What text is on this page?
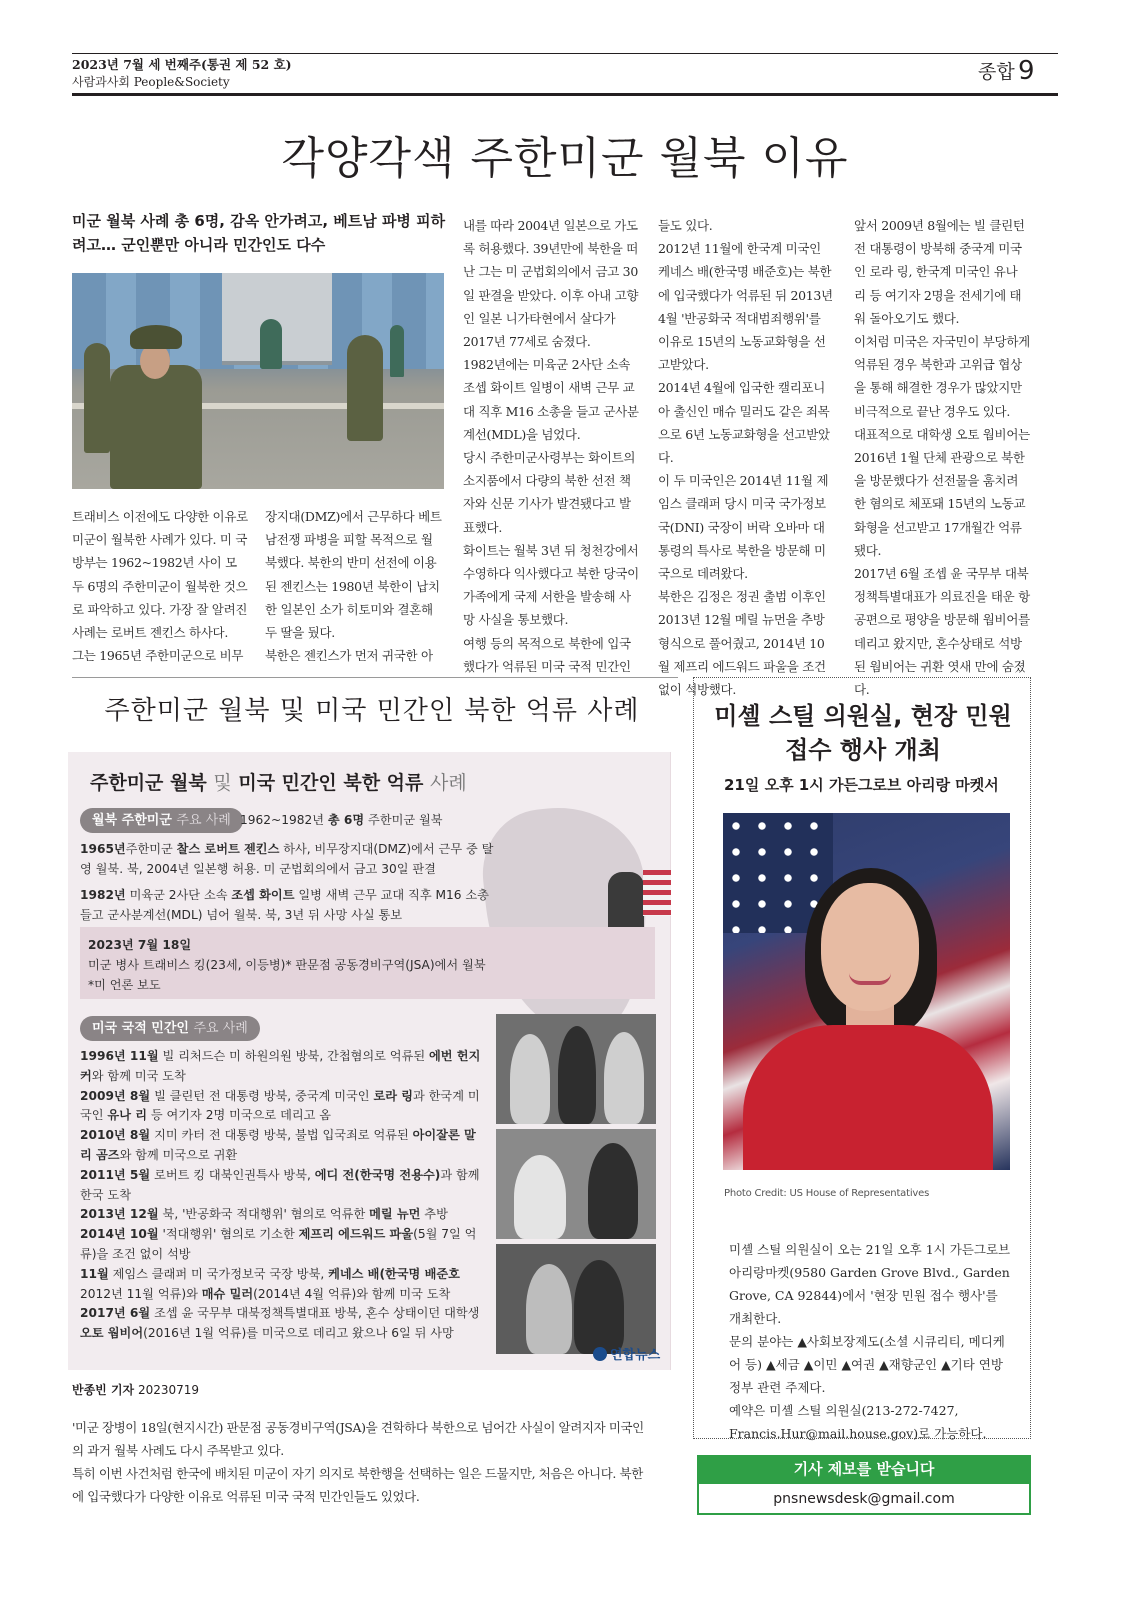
2023년 7월 세 번째주(통권 제 52 호)
사람과사회 People&Society	종합 9
각양각색 주한미군 월북 이유
미군 월북 사례 총 6명, 감옥 안가려고, 베트남 파병 피하려고… 군인뿐만 아니라 민간인도 다수
트래비스 이전에도 다양한 이유로 미군이 월북한 사례가 있다. 미 국방부는 1962~1982년 사이 모두 6명의 주한미군이 월북한 것으로 파악하고 있다. 가장 잘 알려진 사례는 로버트 젠킨스 하사다.
그는 1965년 주한미군으로 비무
장지대(DMZ)에서 근무하다 베트남전쟁 파병을 피할 목적으로 월북했다. 북한의 반미 선전에 이용된 젠킨스는 1980년 북한이 납치한 일본인 소가 히토미와 결혼해 두 딸을 뒀다.
북한은 젠킨스가 먼저 귀국한 아
내를 따라 2004년 일본으로 가도록 허용했다. 39년만에 북한을 떠난 그는 미 군법회의에서 금고 30일 판결을 받았다. 이후 아내 고향인 일본 니가타현에서 살다가 2017년 77세로 숨졌다.
1982년에는 미육군 2사단 소속 조셉 화이트 일병이 새벽 근무 교대 직후 M16 소총을 들고 군사분계선(MDL)을 넘었다.
당시 주한미군사령부는 화이트의 소지품에서 다량의 북한 선전 책자와 신문 기사가 발견됐다고 발표했다.
화이트는 월북 3년 뒤 청천강에서 수영하다 익사했다고 북한 당국이 가족에게 국제 서한을 발송해 사망 사실을 통보했다.
여행 등의 목적으로 북한에 입국했다가 억류된 미국 국적 민간인
들도 있다.
2012년 11월에 한국계 미국인 케네스 배(한국명 배준호)는 북한에 입국했다가 억류된 뒤 2013년 4월 '반공화국 적대범죄행위'를 이유로 15년의 노동교화형을 선고받았다.
2014년 4월에 입국한 캘리포니아 출신인 매슈 밀러도 같은 죄목으로 6년 노동교화형을 선고받았다.
이 두 미국인은 2014년 11월 제임스 클래퍼 당시 미국 국가정보국(DNI) 국장이 버락 오바마 대통령의 특사로 북한을 방문해 미국으로 데려왔다.
북한은 김정은 정권 출범 이후인 2013년 12월 메릴 뉴먼을 추방 형식으로 풀어줬고, 2014년 10월 제프리 에드워드 파울을 조건 없이 석방했다.
앞서 2009년 8월에는 빌 클린턴 전 대통령이 방북해 중국계 미국인 로라 링, 한국계 미국인 유나 리 등 여기자 2명을 전세기에 태워 돌아오기도 했다.
이처럼 미국은 자국민이 부당하게 억류된 경우 북한과 고위급 협상을 통해 해결한 경우가 많았지만 비극적으로 끝난 경우도 있다.
대표적으로 대학생 오토 웜비어는 2016년 1월 단체 관광으로 북한을 방문했다가 선전물을 훔치려 한 혐의로 체포돼 15년의 노동교화형을 선고받고 17개월간 억류됐다.
2017년 6월 조셉 윤 국무부 대북정책특별대표가 의료진을 태운 항공편으로 평양을 방문해 웜비어를 데리고 왔지만, 혼수상태로 석방된 웜비어는 귀환 엿새 만에 숨졌다.
주한미군 월북 및 미국 민간인 북한 억류 사례
주한미군 월북 및 미국 민간인 북한 억류 사례
월북 주한미군 주요 사례 1962~1982년 총 6명 주한미군 월북
1965년주한미군 찰스 로버트 젠킨스 하사, 비무장지대(DMZ)에서 근무 중 탈영 월북. 북, 2004년 일본행 허용. 미 군법회의에서 금고 30일 판결
1982년 미육군 2사단 소속 조셉 화이트 일병 새벽 근무 교대 직후 M16 소총 들고 군사분계선(MDL) 넘어 월북. 북, 3년 뒤 사망 사실 통보
2023년 7월 18일
미군 병사 트래비스 킹(23세, 이등병)* 판문점 공동경비구역(JSA)에서 월북
*미 언론 보도
미국 국적 민간인 주요 사례
1996년 11월 빌 리처드슨 미 하원의원 방북, 간첩혐의로 억류된 에번 헌지커와 함께 미국 도착
2009년 8월 빌 클린턴 전 대통령 방북, 중국계 미국인 로라 링과 한국계 미국인 유나 리 등 여기자 2명 미국으로 데리고 옴
2010년 8월 지미 카터 전 대통령 방북, 불법 입국죄로 억류된 아이잘론 말리 곰즈와 함께 미국으로 귀환
2011년 5월 로버트 킹 대북인권특사 방북, 에디 전(한국명 전용수)과 함께 한국 도착
2013년 12월 북, '반공화국 적대행위' 혐의로 억류한 메릴 뉴먼 추방
2014년 10월 '적대행위' 혐의로 기소한 제프리 에드워드 파울(5월 7일 억류)을 조건 없이 석방
11월 제임스 클래퍼 미 국가정보국 국장 방북, 케네스 배(한국명 배준호 2012년 11월 억류)와 매슈 밀러(2014년 4월 억류)와 함께 미국 도착
2017년 6월 조셉 윤 국무부 대북정책특별대표 방북, 혼수 상태이던 대학생 오토 웜비어(2016년 1월 억류)를 미국으로 데리고 왔으나 6일 뒤 사망
연합뉴스
반종빈 기자 20230719
'미군 장병이 18일(현지시간) 판문점 공동경비구역(JSA)을 견학하다 북한으로 넘어간 사실이 알려지자 미국인의 과거 월북 사례도 다시 주목받고 있다.
특히 이번 사건처럼 한국에 배치된 미군이 자기 의지로 북한행을 선택하는 일은 드물지만, 처음은 아니다. 북한에 입국했다가 다양한 이유로 억류된 미국 국적 민간인들도 있었다.
미셸 스틸 의원실, 현장 민원 접수 행사 개최
21일 오후 1시 가든그로브 아리랑 마켓서
Photo Credit: US House of Representatives
미셸 스틸 의원실이 오는 21일 오후 1시 가든그로브 아리랑마켓(9580 Garden Grove Blvd., Garden Grove, CA 92844)에서 '현장 민원 접수 행사'를 개최한다.
문의 분야는 ▲사회보장제도(소셜 시큐리티, 메디케어 등) ▲세금 ▲이민 ▲여권 ▲재향군인 ▲기타 연방 정부 관련 주제다.
예약은 미셸 스틸 의원실(213-272-7427, Francis.Hur@mail.house.gov)로 가능하다.
기사 제보를 받습니다
pnsnewsdesk@gmail.com
